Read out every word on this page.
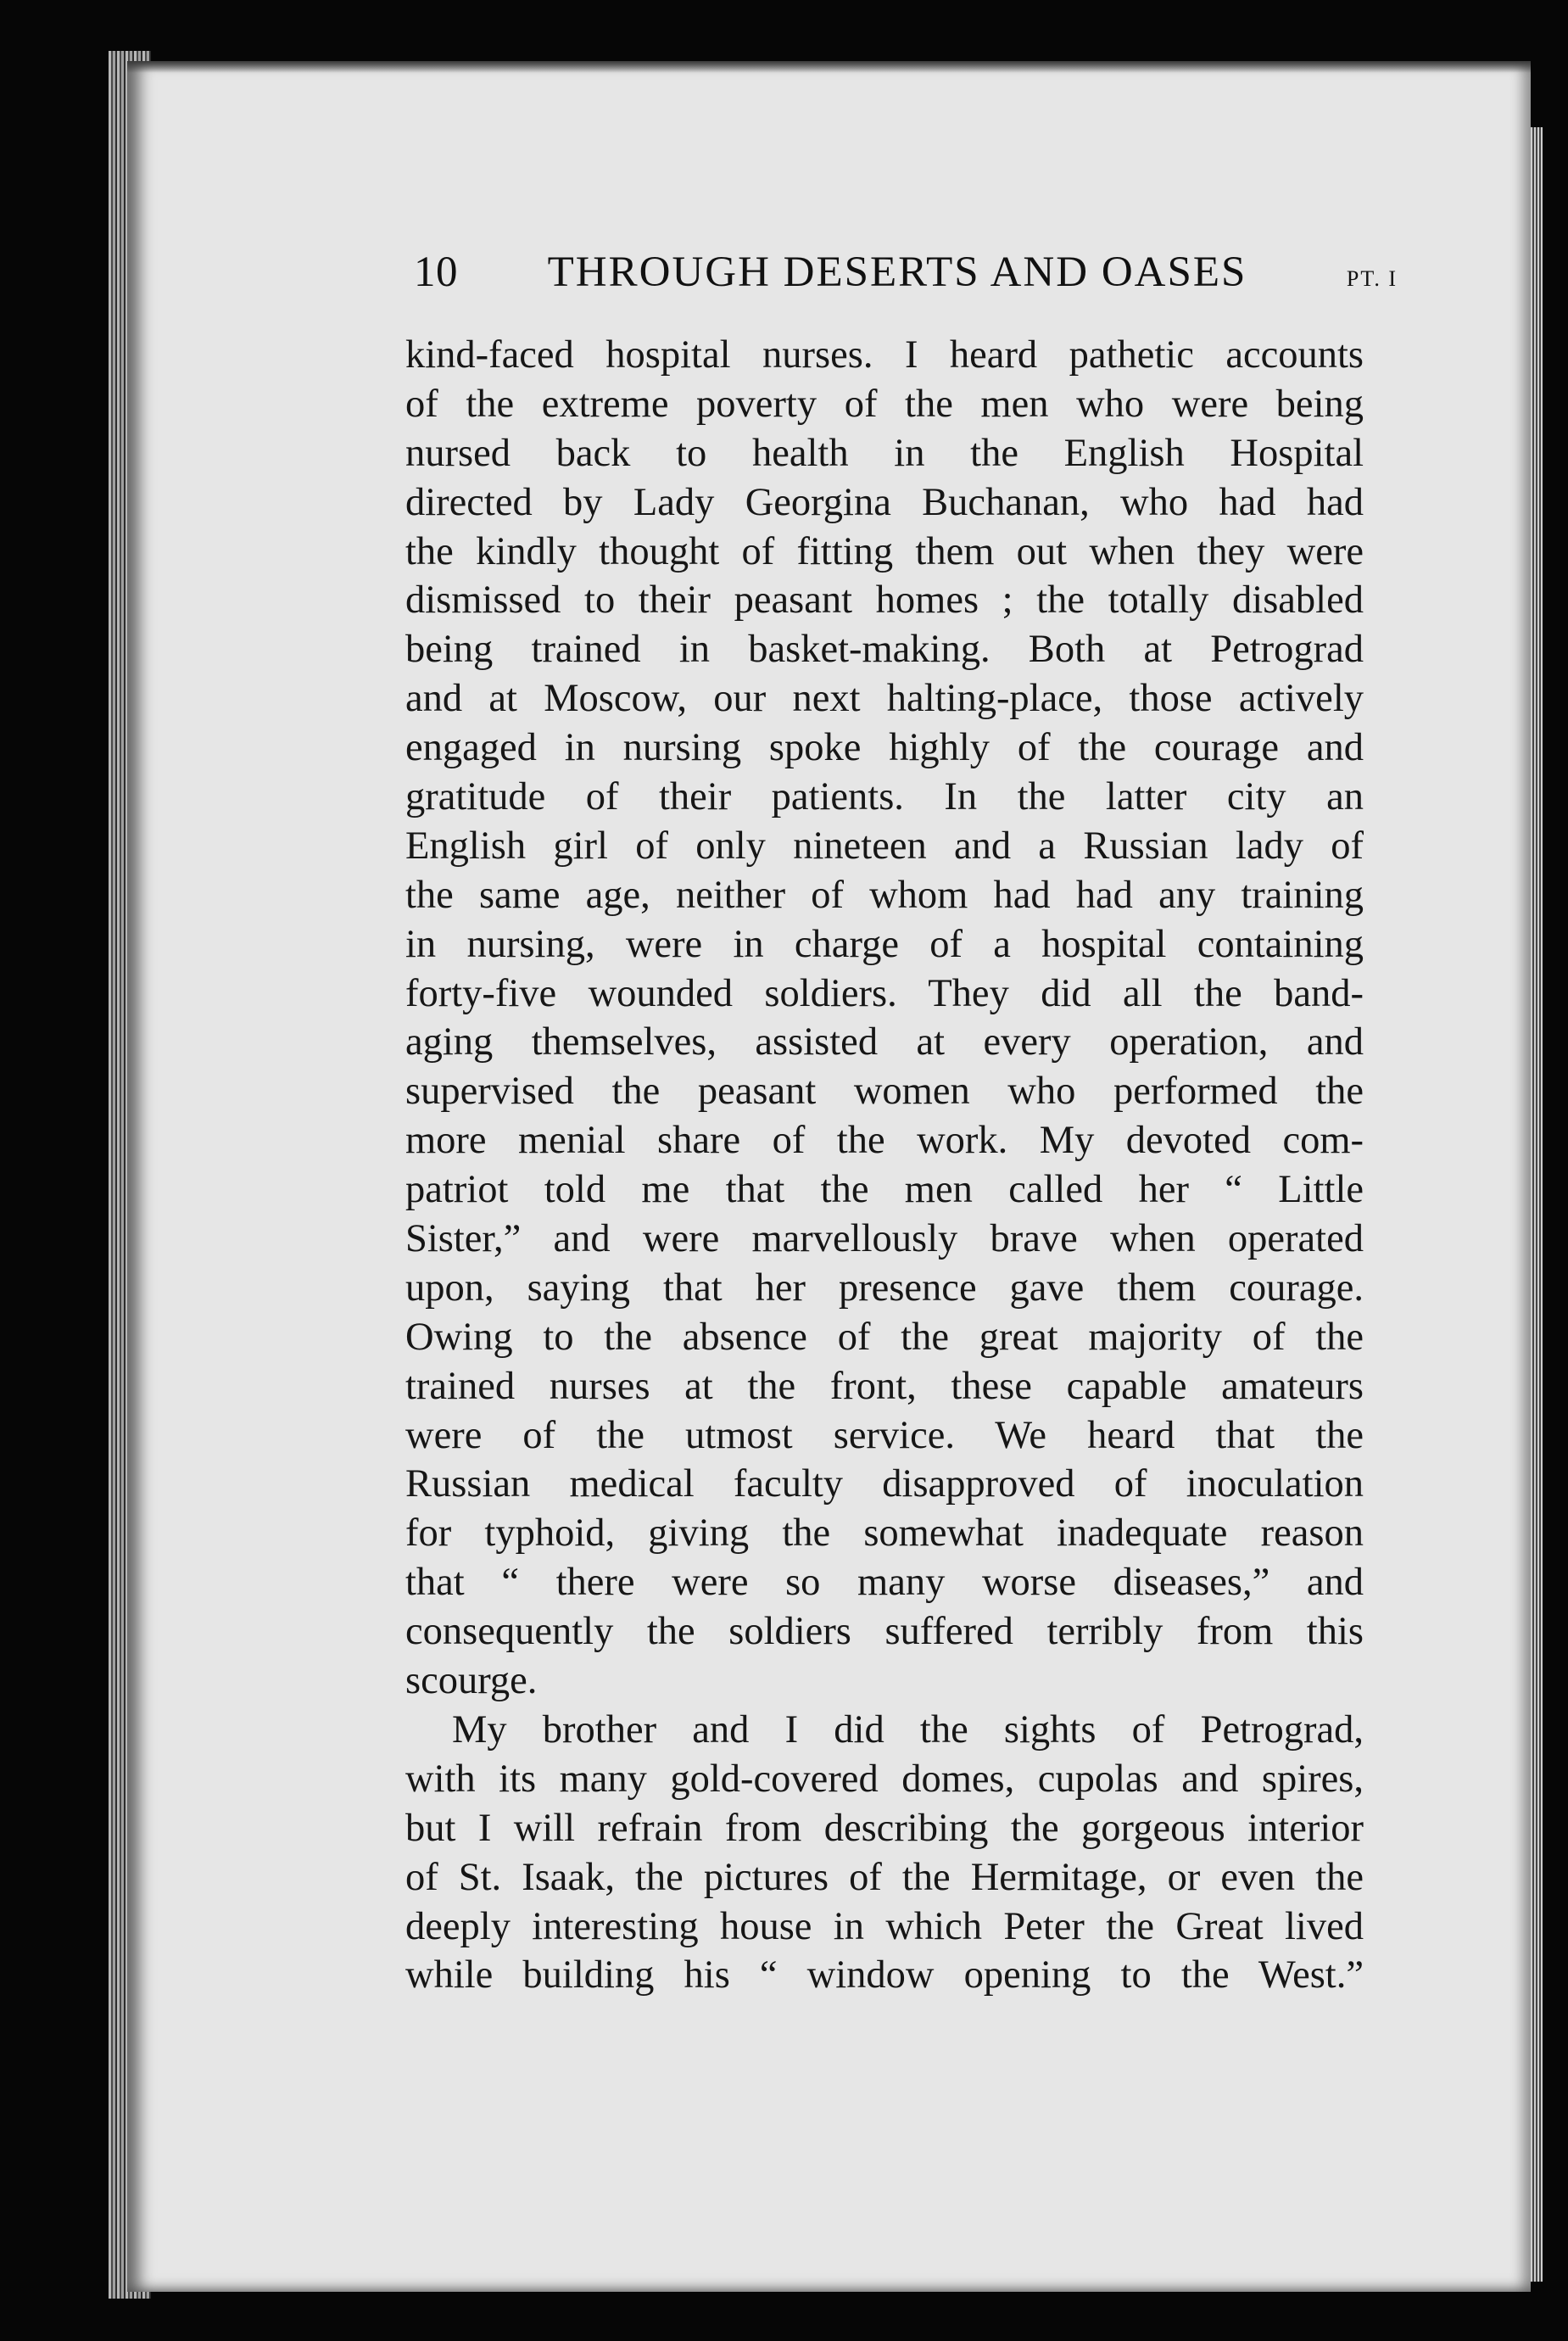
10	THROUGH DESERTS AND OASES	PT. I
kind-faced hospital nurses. I heard pathetic accounts
of the extreme poverty of the men who were being
nursed back to health in the English Hospital
directed by Lady Georgina Buchanan, who had had
the kindly thought of fitting them out when they were
dismissed to their peasant homes ; the totally disabled
being trained in basket-making. Both at Petrograd
and at Moscow, our next halting-place, those actively
engaged in nursing spoke highly of the courage and
gratitude of their patients. In the latter city an
English girl of only nineteen and a Russian lady of
the same age, neither of whom had had any training
in nursing, were in charge of a hospital containing
forty-five wounded soldiers. They did all the band-
aging themselves, assisted at every operation, and
supervised the peasant women who performed the
more menial share of the work. My devoted com-
patriot told me that the men called her “ Little
Sister,” and were marvellously brave when operated
upon, saying that her presence gave them courage.
Owing to the absence of the great majority of the
trained nurses at the front, these capable amateurs
were of the utmost service. We heard that the
Russian medical faculty disapproved of inoculation
for typhoid, giving the somewhat inadequate reason
that “ there were so many worse diseases,” and
consequently the soldiers suffered terribly from this
scourge.
My brother and I did the sights of Petrograd,
with its many gold-covered domes, cupolas and spires,
but I will refrain from describing the gorgeous interior
of St. Isaak, the pictures of the Hermitage, or even the
deeply interesting house in which Peter the Great lived
while building his “ window opening to the West.”
